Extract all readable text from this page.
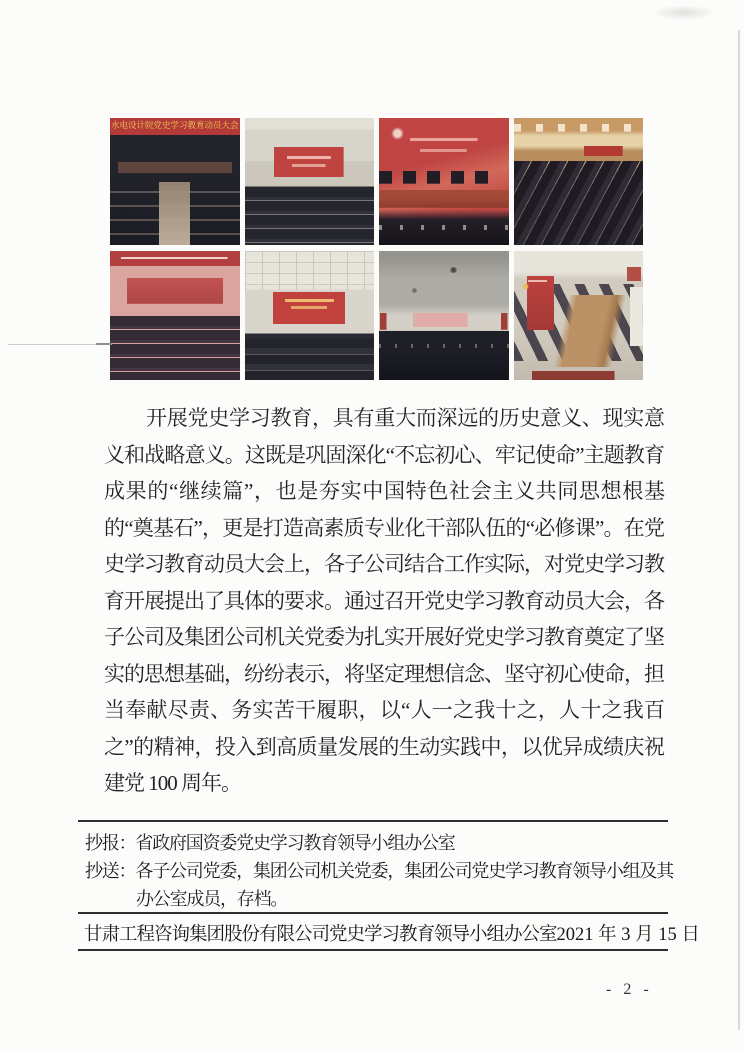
水电设计院党史学习教育动员大会
开展党史学习教育，具有重大而深远的历史意义、现实意义和战略意义。这既是巩固深化“不忘初心、牢记使命”主题教育成果的“继续篇”，也是夯实中国特色社会主义共同思想根基的“奠基石”，更是打造高素质专业化干部队伍的“必修课”。在党史学习教育动员大会上，各子公司结合工作实际，对党史学习教育开展提出了具体的要求。通过召开党史学习教育动员大会，各子公司及集团公司机关党委为扎实开展好党史学习教育奠定了坚实的思想基础，纷纷表示，将坚定理想信念、坚守初心使命，担当奉献尽责、务实苦干履职，以“人一之我十之，人十之我百之”的精神，投入到高质量发展的生动实践中，以优异成绩庆祝建党 100 周年。

抄报：省政府国资委党史学习教育领导小组办公室

抄送：各子公司党委，集团公司机关党委，集团公司党史学习教育领导小组及其办公室成员，存档。

甘肃工程咨询集团股份有限公司党史学习教育领导小组办公室 2021 年 3 月 15 日
- 2 -
